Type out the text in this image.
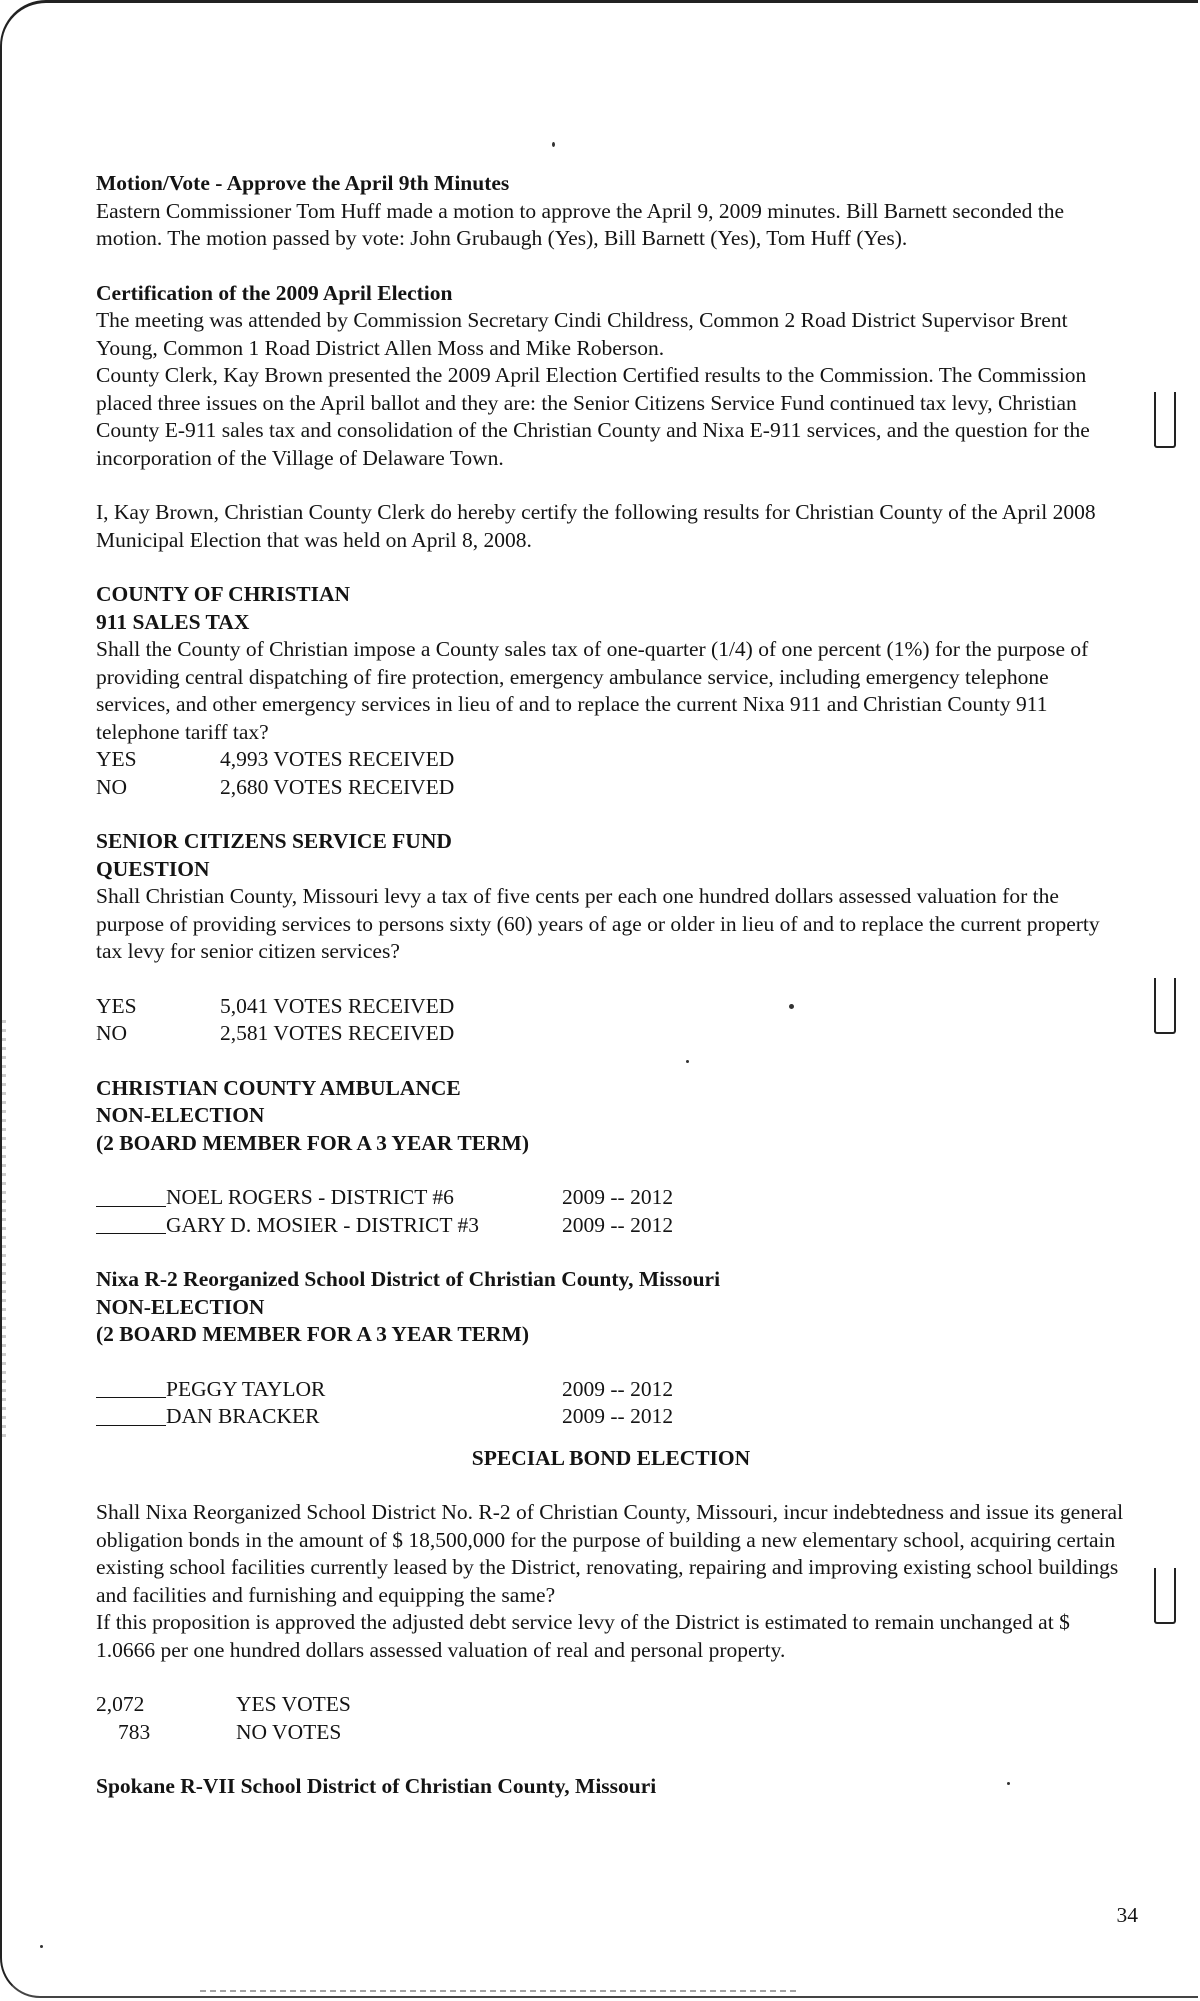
Motion/Vote - Approve the April 9th Minutes
Eastern Commissioner Tom Huff made a motion to approve the April 9, 2009 minutes. Bill Barnett seconded the motion. The motion passed by vote: John Grubaugh (Yes), Bill Barnett (Yes), Tom Huff (Yes).
Certification of the 2009 April Election
The meeting was attended by Commission Secretary Cindi Childress, Common 2 Road District Supervisor Brent Young, Common 1 Road District Allen Moss and Mike Roberson.
County Clerk, Kay Brown presented the 2009 April Election Certified results to the Commission. The Commission placed three issues on the April ballot and they are: the Senior Citizens Service Fund continued tax levy, Christian County E-911 sales tax and consolidation of the Christian County and Nixa E-911 services, and the question for the incorporation of the Village of Delaware Town.
I, Kay Brown, Christian County Clerk do hereby certify the following results for Christian County of the April 2008 Municipal Election that was held on April 8, 2008.
COUNTY OF CHRISTIAN
911 SALES TAX
Shall the County of Christian impose a County sales tax of one-quarter (1/4) of one percent (1%) for the purpose of providing central dispatching of fire protection, emergency ambulance service, including emergency telephone services, and other emergency services in lieu of and to replace the current Nixa 911 and Christian County 911 telephone tariff tax?
YES	4,993 VOTES RECEIVED
NO	2,680 VOTES RECEIVED
SENIOR CITIZENS SERVICE FUND
QUESTION
Shall Christian County, Missouri levy a tax of five cents per each one hundred dollars assessed valuation for the purpose of providing services to persons sixty (60) years of age or older in lieu of and to replace the current property tax levy for senior citizen services?
YES	5,041 VOTES RECEIVED
NO	2,581 VOTES RECEIVED
CHRISTIAN COUNTY AMBULANCE
NON-ELECTION
(2 BOARD MEMBER FOR A 3 YEAR TERM)
NOEL ROGERS - DISTRICT #6	2009 -- 2012
GARY D. MOSIER - DISTRICT #3	2009 -- 2012
Nixa R-2 Reorganized School District of Christian County, Missouri
NON-ELECTION
(2 BOARD MEMBER FOR A 3 YEAR TERM)
PEGGY TAYLOR	2009 -- 2012
DAN BRACKER	2009 -- 2012
SPECIAL BOND ELECTION
Shall Nixa Reorganized School District No. R-2 of Christian County, Missouri, incur indebtedness and issue its general obligation bonds in the amount of $ 18,500,000 for the purpose of building a new elementary school, acquiring certain existing school facilities currently leased by the District, renovating, repairing and improving existing school buildings and facilities and furnishing and equipping the same?
If this proposition is approved the adjusted debt service levy of the District is estimated to remain unchanged at $ 1.0666 per one hundred dollars assessed valuation of real and personal property.
2,072	YES VOTES
783	NO VOTES
Spokane R-VII School District of Christian County, Missouri
34
